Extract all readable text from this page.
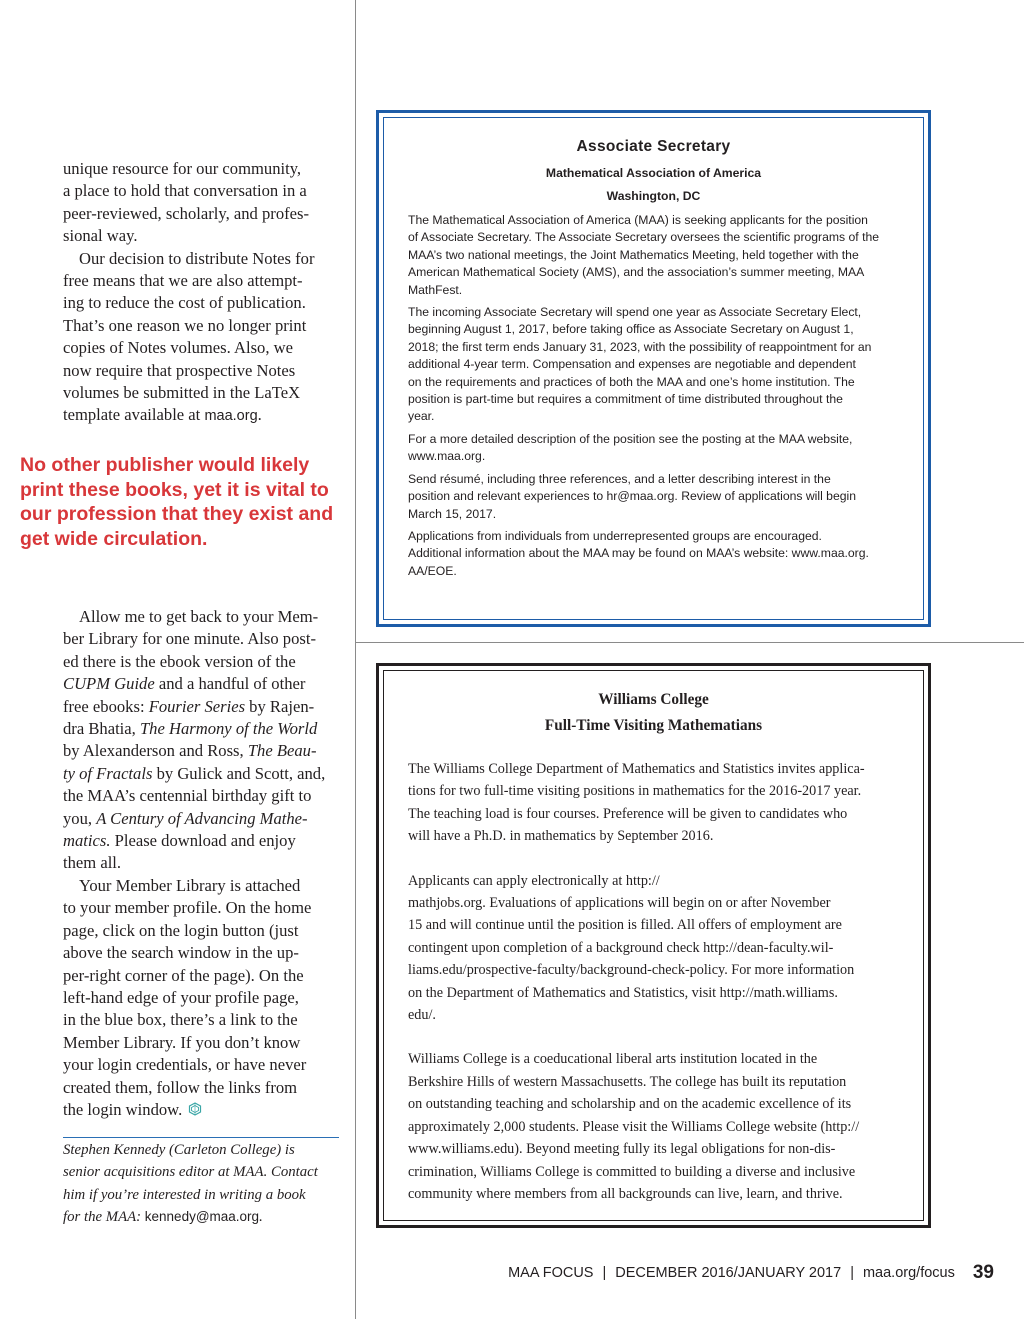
unique resource for our community,
a place to hold that conversation in a
peer-reviewed, scholarly, and profes-
sional way.

Our decision to distribute Notes for
free means that we are also attempt-
ing to reduce the cost of publication.
That’s one reason we no longer print
copies of Notes volumes. Also, we
now require that prospective Notes
volumes be submitted in the LaTeX
template available at maa.org.

No other publisher would likely print these books, yet it is vital to our profession that they exist and get wide circulation.

Allow me to get back to your Mem-
ber Library for one minute. Also post-
ed there is the ebook version of the
CUPM Guide and a handful of other
free ebooks: Fourier Series by Rajen-
dra Bhatia, The Harmony of the World
by Alexanderson and Ross, The Beau-
ty of Fractals by Gulick and Scott, and,
the MAA’s centennial birthday gift to
you, A Century of Advancing Mathe-
matics. Please download and enjoy
them all.

Your Member Library is attached
to your member profile. On the home
page, click on the login button (just
above the search window in the up-
per-right corner of the page). On the
left-hand edge of your profile page,
in the blue box, there’s a link to the
Member Library. If you don’t know
your login credentials, or have never
created them, follow the links from
the login window.

Stephen Kennedy (Carleton College) is
senior acquisitions editor at MAA. Contact
him if you’re interested in writing a book
for the MAA: kennedy@maa.org.
Associate Secretary
Mathematical Association of America
Washington, DC

The Mathematical Association of America (MAA) is seeking applicants for the position
of Associate Secretary. The Associate Secretary oversees the scientific programs of the
MAA’s two national meetings, the Joint Mathematics Meeting, held together with the
American Mathematical Society (AMS), and the association’s summer meeting, MAA
MathFest.

The incoming Associate Secretary will spend one year as Associate Secretary Elect,
beginning August 1, 2017, before taking office as Associate Secretary on August 1,
2018; the first term ends January 31, 2023, with the possibility of reappointment for an
additional 4-year term. Compensation and expenses are negotiable and dependent
on the requirements and practices of both the MAA and one’s home institution. The
position is part-time but requires a commitment of time distributed throughout the
year.

For a more detailed description of the position see the posting at the MAA website,
www.maa.org.

Send résumé, including three references, and a letter describing interest in the
position and relevant experiences to hr@maa.org. Review of applications will begin
March 15, 2017.

Applications from individuals from underrepresented groups are encouraged.
Additional information about the MAA may be found on MAA’s website: www.maa.org.
AA/EOE.

Williams College
Full-Time Visiting Mathematians

The Williams College Department of Mathematics and Statistics invites applica-
tions for two full-time visiting positions in mathematics for the 2016-2017 year.
The teaching load is four courses. Preference will be given to candidates who
will have a Ph.D. in mathematics by September 2016.

Applicants can apply electronically at http://
mathjobs.org. Evaluations of applications will begin on or after November
15 and will continue until the position is filled. All offers of employment are
contingent upon completion of a background check http://dean-faculty.wil-
liams.edu/prospective-faculty/background-check-policy. For more information
on the Department of Mathematics and Statistics, visit http://math.williams.
edu/.

Williams College is a coeducational liberal arts institution located in the
Berkshire Hills of western Massachusetts. The college has built its reputation
on outstanding teaching and scholarship and on the academic excellence of its
approximately 2,000 students. Please visit the Williams College website (http://
www.williams.edu). Beyond meeting fully its legal obligations for non-dis-
crimination, Williams College is committed to building a diverse and inclusive
community where members from all backgrounds can live, learn, and thrive.

MAA FOCUS | DECEMBER 2016/JANUARY 2017 | maa.org/focus 39
